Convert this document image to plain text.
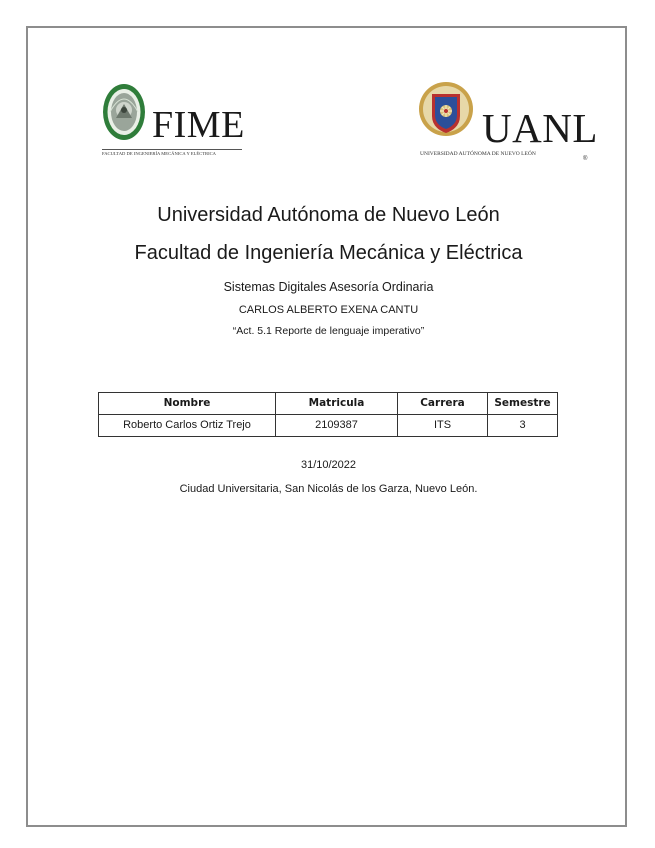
FIME
FACULTAD DE INGENIERÍA MECÁNICA Y ELÉCTRICA
UANL
UNIVERSIDAD AUTÓNOMA DE NUEVO LEÓN
®
Universidad Autónoma de Nuevo León
Facultad de Ingeniería Mecánica y Eléctrica
Sistemas Digitales Asesoría Ordinaria
CARLOS ALBERTO EXENA CANTU
“Act. 5.1 Reporte de lenguaje imperativo”
Nombre	Matricula	Carrera	Semestre
Roberto Carlos Ortiz Trejo	2109387	ITS	3
31/10/2022
Ciudad Universitaria, San Nicolás de los Garza, Nuevo León.
